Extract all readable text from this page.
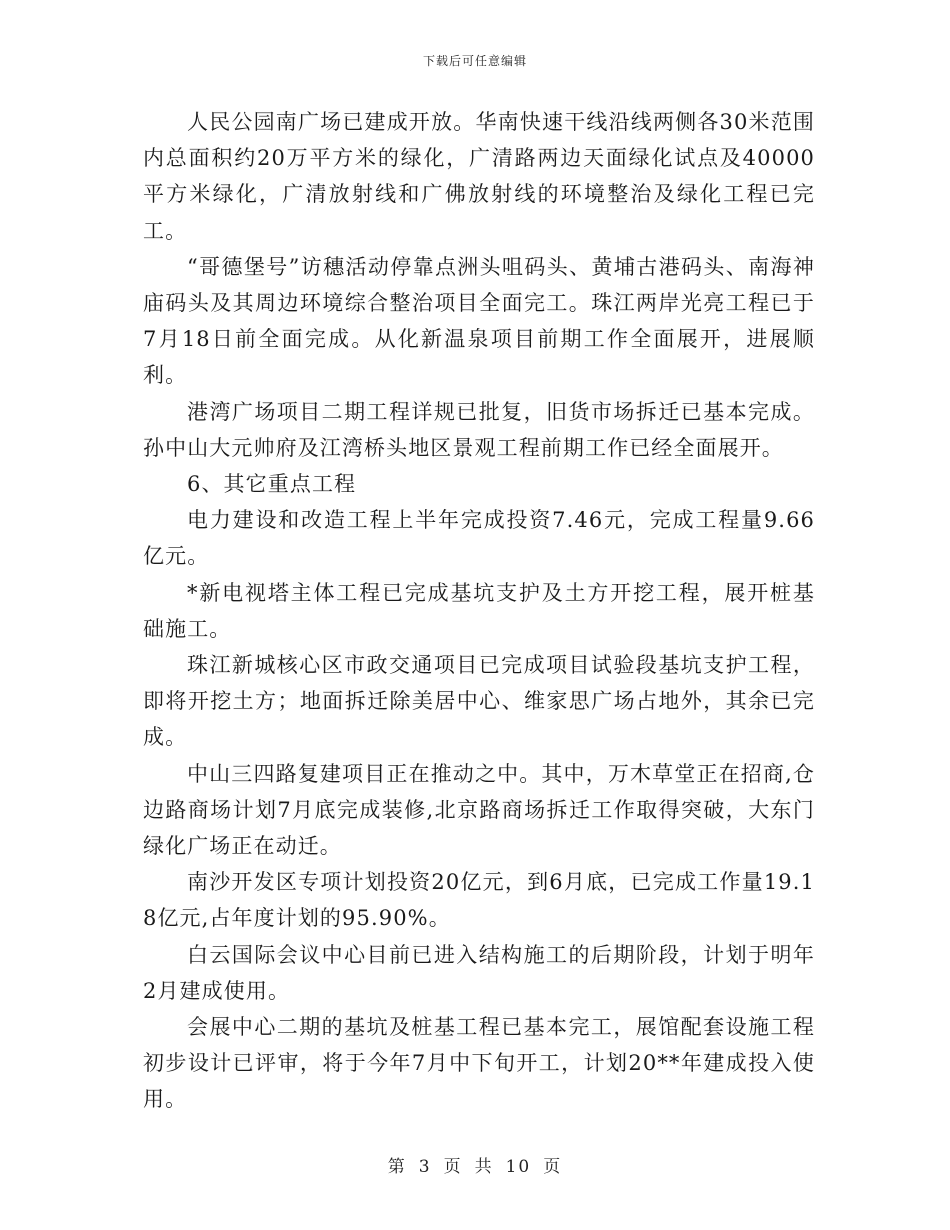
下载后可任意编辑

人民公园南广场已建成开放。华南快速干线沿线两侧各30米范围内总面积约20万平方米的绿化，广清路两边天面绿化试点及40000平方米绿化，广清放射线和广佛放射线的环境整治及绿化工程已完工。

“哥德堡号”访穗活动停靠点洲头咀码头、黄埔古港码头、南海神庙码头及其周边环境综合整治项目全面完工。珠江两岸光亮工程已于7月18日前全面完成。从化新温泉项目前期工作全面展开，进展顺利。

港湾广场项目二期工程详规已批复，旧货市场拆迁已基本完成。孙中山大元帅府及江湾桥头地区景观工程前期工作已经全面展开。

6、其它重点工程

电力建设和改造工程上半年完成投资7.46元，完成工程量9.66亿元。

*新电视塔主体工程已完成基坑支护及土方开挖工程，展开桩基础施工。

珠江新城核心区市政交通项目已完成项目试验段基坑支护工程，即将开挖土方；地面拆迁除美居中心、维家思广场占地外，其余已完成。

中山三四路复建项目正在推动之中。其中，万木草堂正在招商,仓边路商场计划7月底完成装修,北京路商场拆迁工作取得突破，大东门绿化广场正在动迁。

南沙开发区专项计划投资20亿元，到6月底，已完成工作量19.18亿元,占年度计划的95.90%。

白云国际会议中心目前已进入结构施工的后期阶段，计划于明年2月建成使用。

会展中心二期的基坑及桩基工程已基本完工，展馆配套设施工程初步设计已评审，将于今年7月中下旬开工，计划20**年建成投入使用。

第 3 页 共 10 页
